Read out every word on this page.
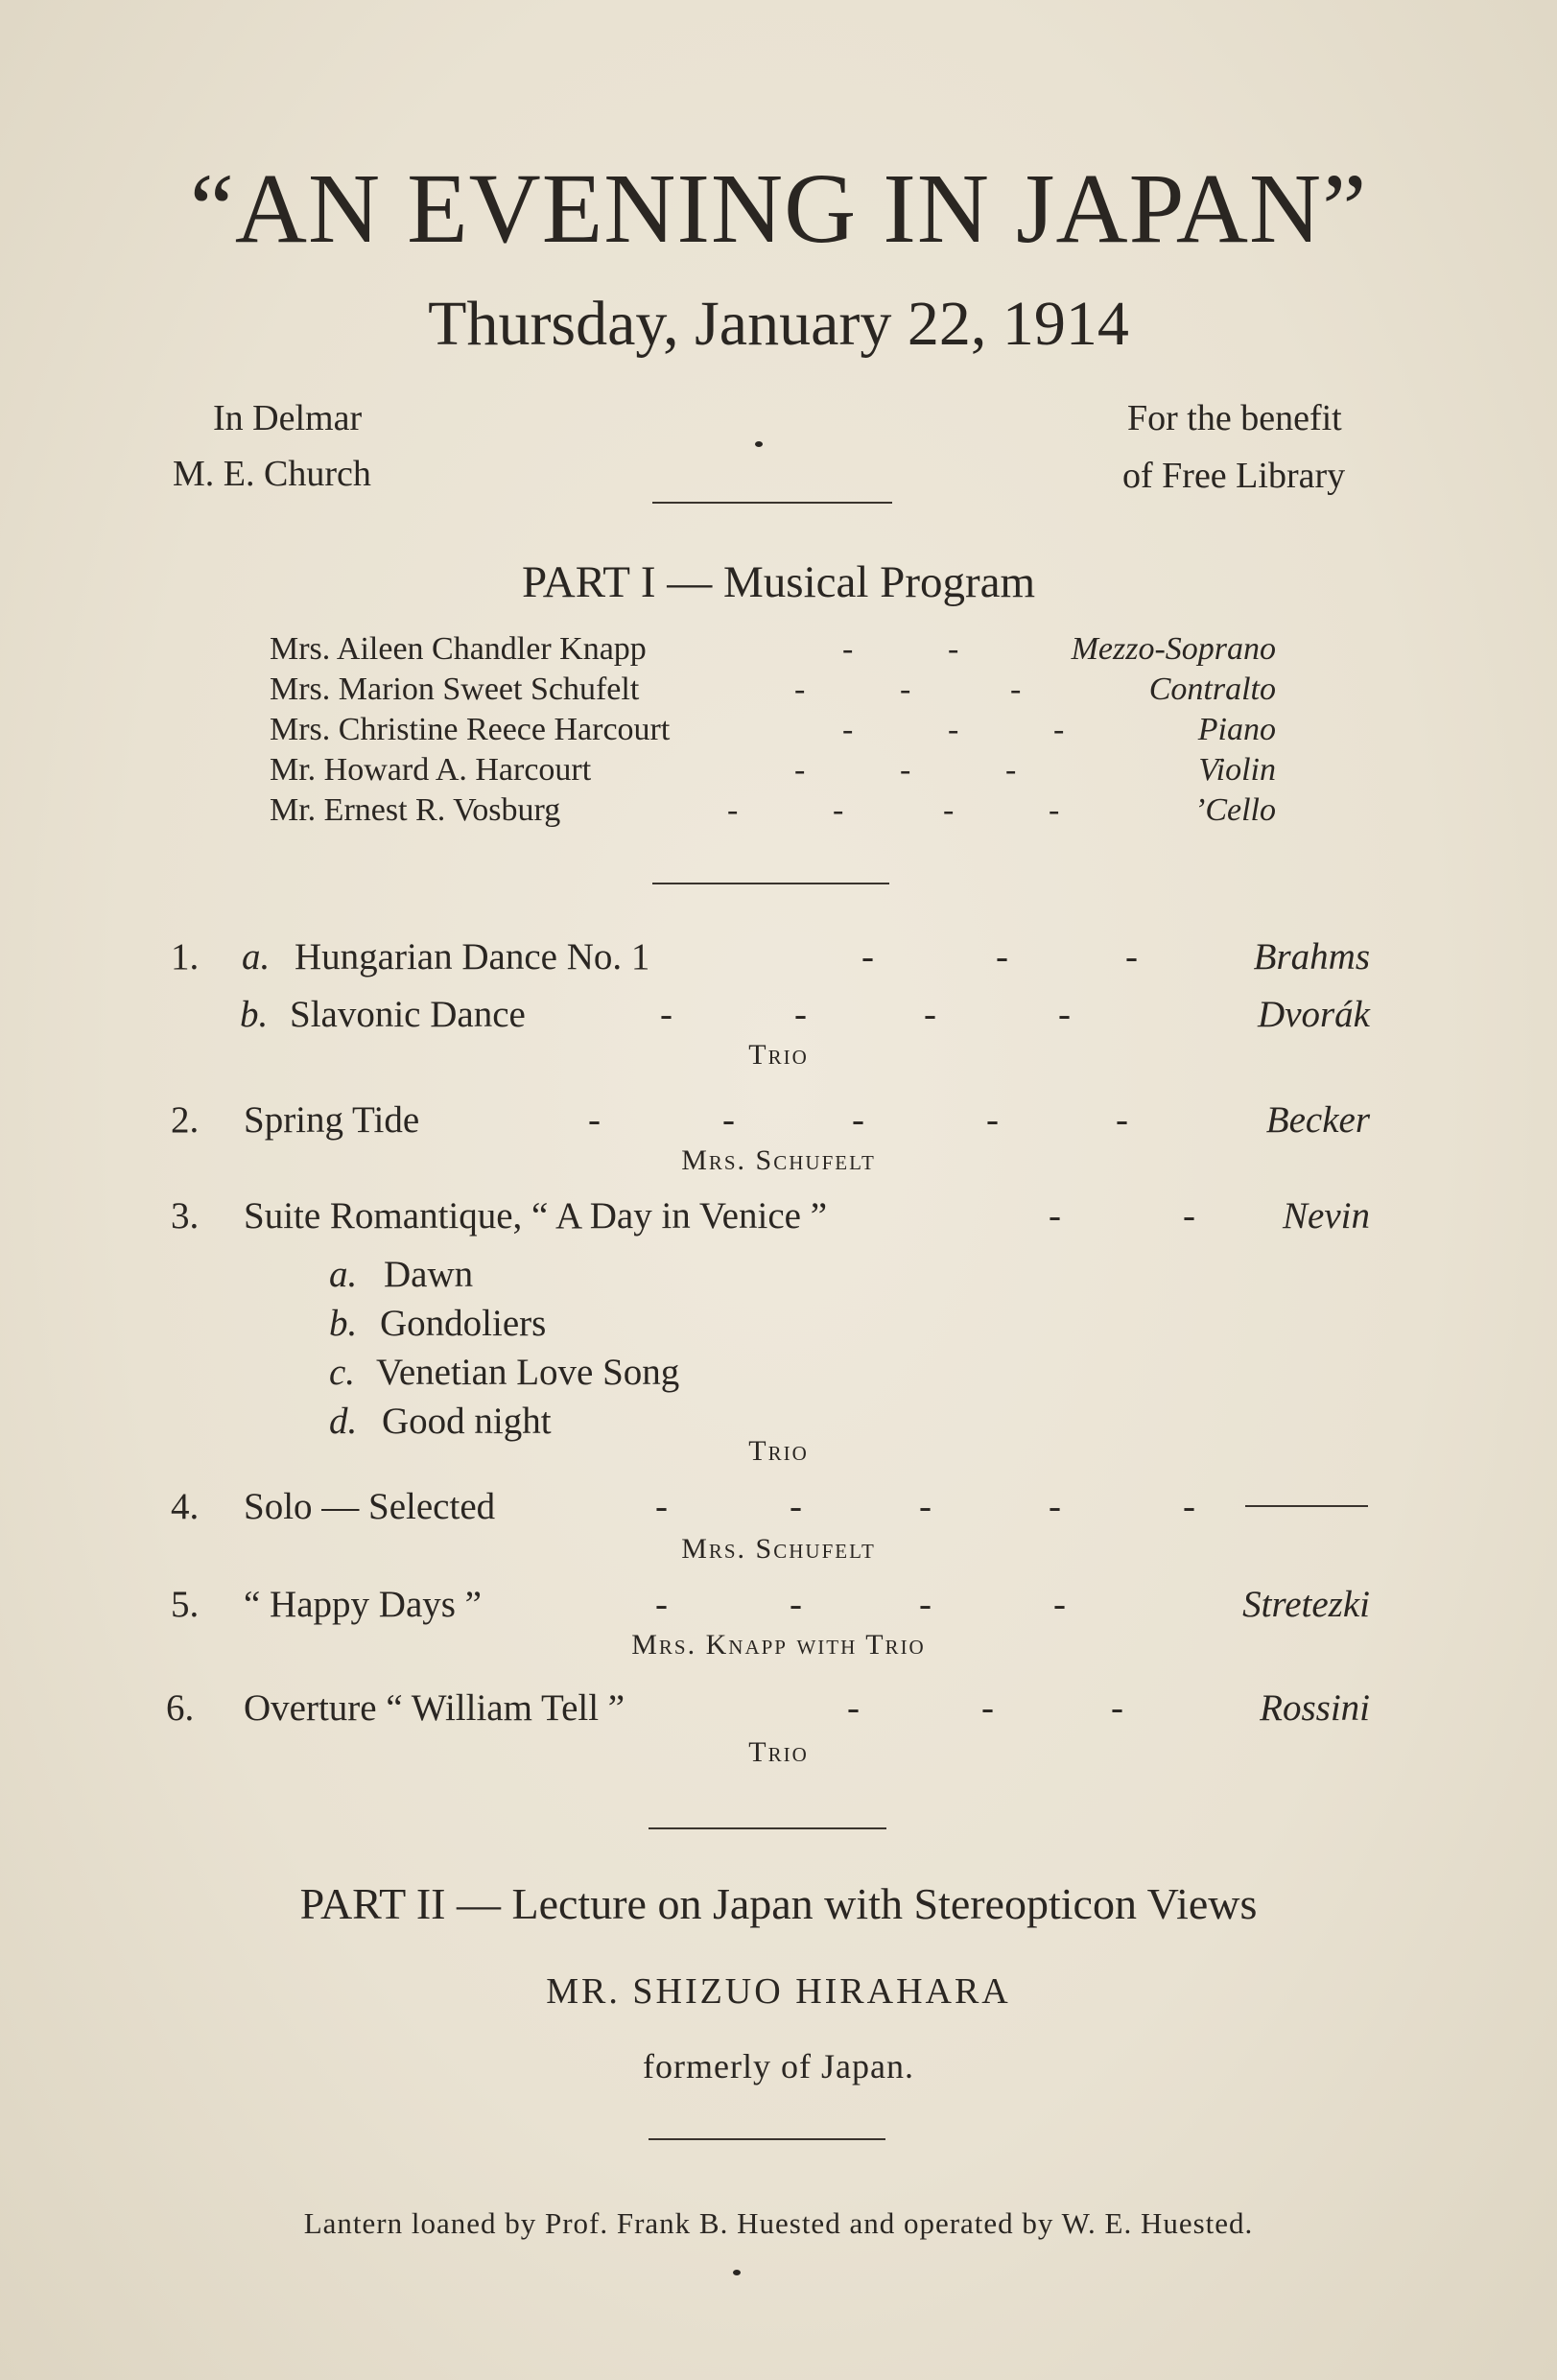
“AN EVENING IN JAPAN”
Thursday, January 22, 1914
In Delmar
M. E. Church
For the benefit
of Free Library
PART I — Musical Program
Mrs. Aileen Chandler Knapp	-	-	Mezzo-Soprano
Mrs. Marion Sweet Schufelt	-	-	-	Contralto
Mrs. Christine Reece Harcourt	-	-	-	Piano
Mr. Howard A. Harcourt	-	-	-	Violin
Mr. Ernest R. Vosburg	-	-	-	-	’Cello
1. a. Hungarian Dance No. 1	-	-	-	Brahms
b. Slavonic Dance	-	-	-	-	Dvorák
Trio
2. Spring Tide	-	-	-	-	-	Becker
Mrs. Schufelt
3. Suite Romantique, “ A Day in Venice ”	-	-	Nevin
a. Dawn
b. Gondoliers
c. Venetian Love Song
d. Good night
Trio
4. Solo — Selected	-	-	-	-	-
Mrs. Schufelt
5. “ Happy Days ”	-	-	-	-	Stretezki
Mrs. Knapp with Trio
6. Overture “ William Tell ”	-	-	-	Rossini
Trio
PART II — Lecture on Japan with Stereopticon Views
MR. SHIZUO HIRAHARA
formerly of Japan.
Lantern loaned by Prof. Frank B. Huested and operated by W. E. Huested.
